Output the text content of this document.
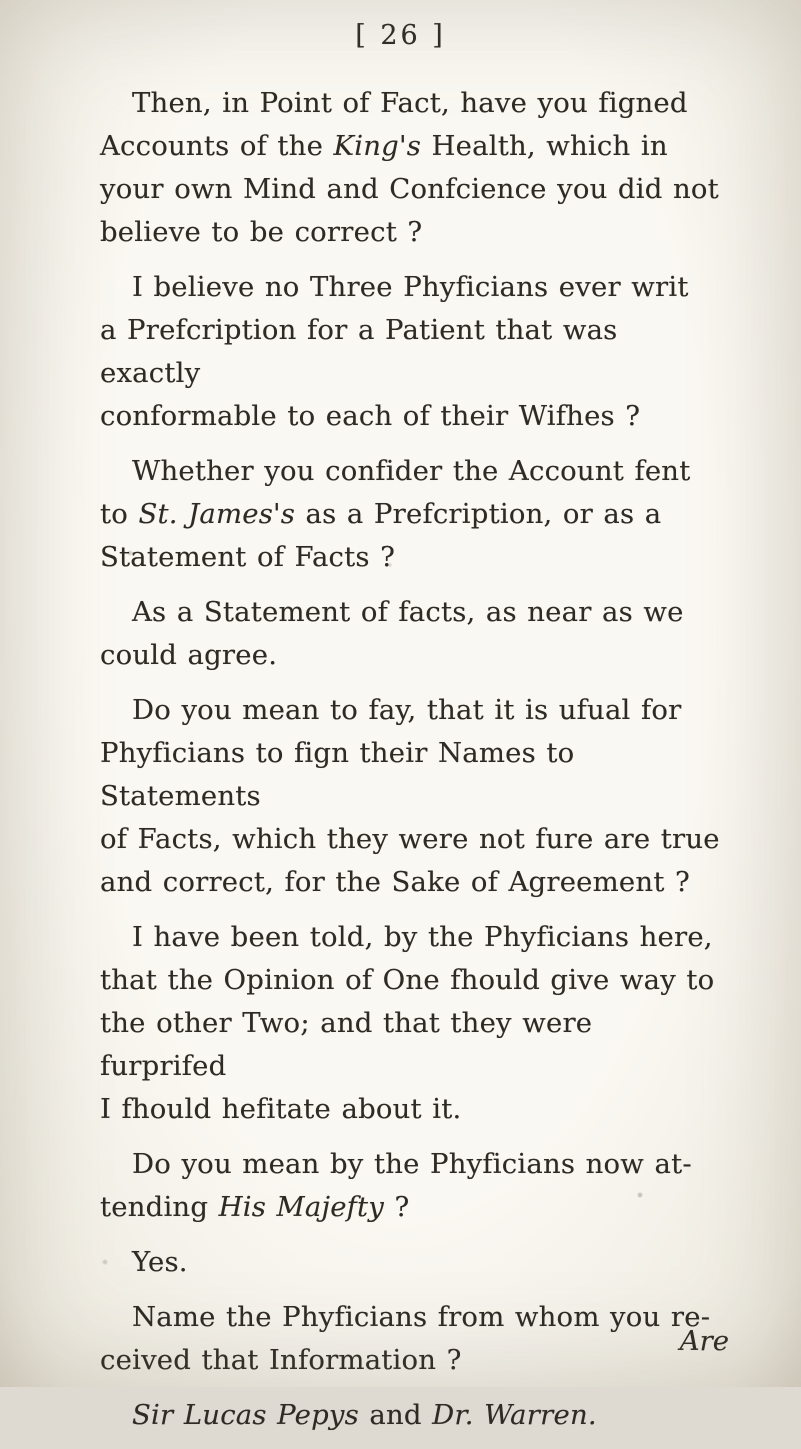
[ 26 ]

Then, in Point of Fact, have you figned
Accounts of the King's Health, which in
your own Mind and Confcience you did not
believe to be correct ?

I believe no Three Phyficians ever writ
a Prefcription for a Patient that was exactly
conformable to each of their Wifhes ?

Whether you confider the Account fent
to St. James's as a Prefcription, or as a
Statement of Facts ?

As a Statement of facts, as near as we
could agree.

Do you mean to fay, that it is ufual for
Phyficians to fign their Names to Statements
of Facts, which they were not fure are true
and correct, for the Sake of Agreement ?

I have been told, by the Phyficians here,
that the Opinion of One fhould give way to
the other Two; and that they were furprifed
I fhould hefitate about it.

Do you mean by the Phyficians now at-
tending His Majefty ?

Yes.

Name the Phyficians from whom you re-
ceived that Information ?

Sir Lucas Pepys and Dr. Warren.

Are
